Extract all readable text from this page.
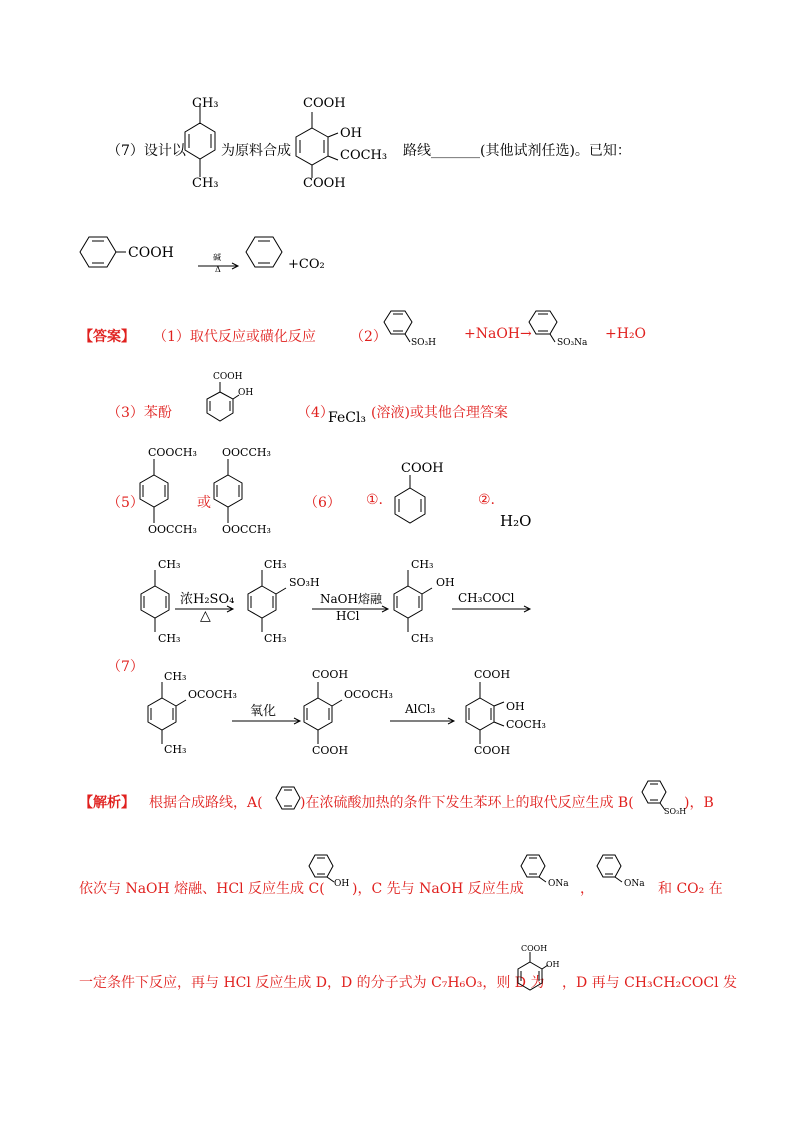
（7）设计以
CH₃
CH₃
为原料合成
COOH
OH
COCH₃
COOH
路线_______(其他试剂任选)。已知：
COOH	碱
Δ	+CO₂
【答案】 （1）取代反应或磺化反应 （2）	SO₃H
+NaOH→
SO₃Na
+H₂O
（3）苯酚
COOH
OH
（4）
FeCl₃ (溶液)或其他合理答案
（5）
COOCH₃
OOCCH₃
或
OOCCH₃
OOCCH₃
（6） ①.
COOH
②.
H₂O
CH₃
CH₃
浓H₂SO₄
△
CH₃
SO₃H
CH₃
NaOH熔融
HCl
CH₃
OH
CH₃
CH₃COCl
（7）
CH₃
OCOCH₃
CH₃
氧化
COOH
OCOCH₃
COOH
AlCl₃
COOH
OH
COCH₃
COOH
【解析】 根据合成路线，A(	)在浓硫酸加热的条件下发生苯环上的取代反应生成 B(
SO₃H
)，B
依次与 NaOH 熔融、HCl 反应生成 C( OH )，C 先与 NaOH 反应生成	ONa ，	ONa 和 CO₂ 在
一定条件下反应，再与 HCl 反应生成 D，D 的分子式为 C₇H₆O₃，则 D 为
COOH
OH
，D 再与 CH₃CH₂COCl 发
